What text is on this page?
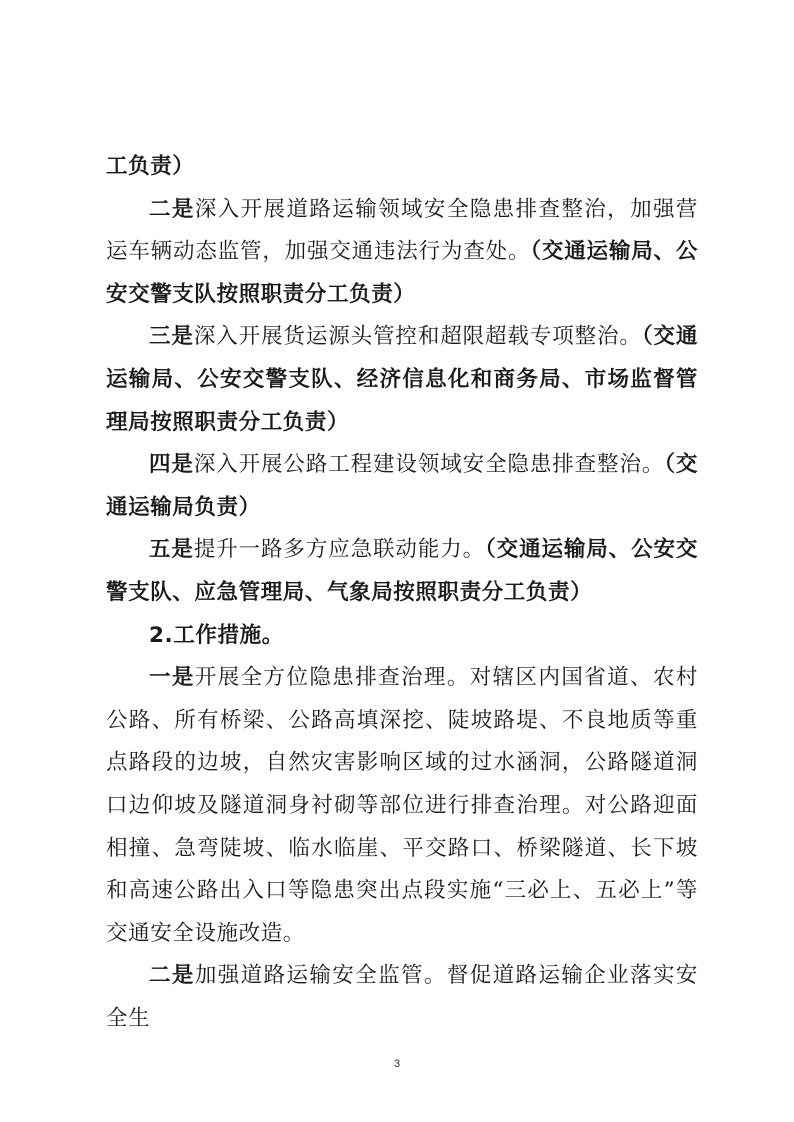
工负责）

二是深入开展道路运输领域安全隐患排查整治，加强营运车辆动态监管，加强交通违法行为查处。（交通运输局、公安交警支队按照职责分工负责）

三是深入开展货运源头管控和超限超载专项整治。（交通运输局、公安交警支队、经济信息化和商务局、市场监督管理局按照职责分工负责）

四是深入开展公路工程建设领域安全隐患排查整治。（交通运输局负责）

五是提升一路多方应急联动能力。（交通运输局、公安交警支队、应急管理局、气象局按照职责分工负责）

2.工作措施。

一是开展全方位隐患排查治理。对辖区内国省道、农村公路、所有桥梁、公路高填深挖、陡坡路堤、不良地质等重点路段的边坡，自然灾害影响区域的过水涵洞，公路隧道洞口边仰坡及隧道洞身衬砌等部位进行排查治理。对公路迎面相撞、急弯陡坡、临水临崖、平交路口、桥梁隧道、长下坡和高速公路出入口等隐患突出点段实施“三必上、五必上”等交通安全设施改造。

二是加强道路运输安全监管。督促道路运输企业落实安全生

3
